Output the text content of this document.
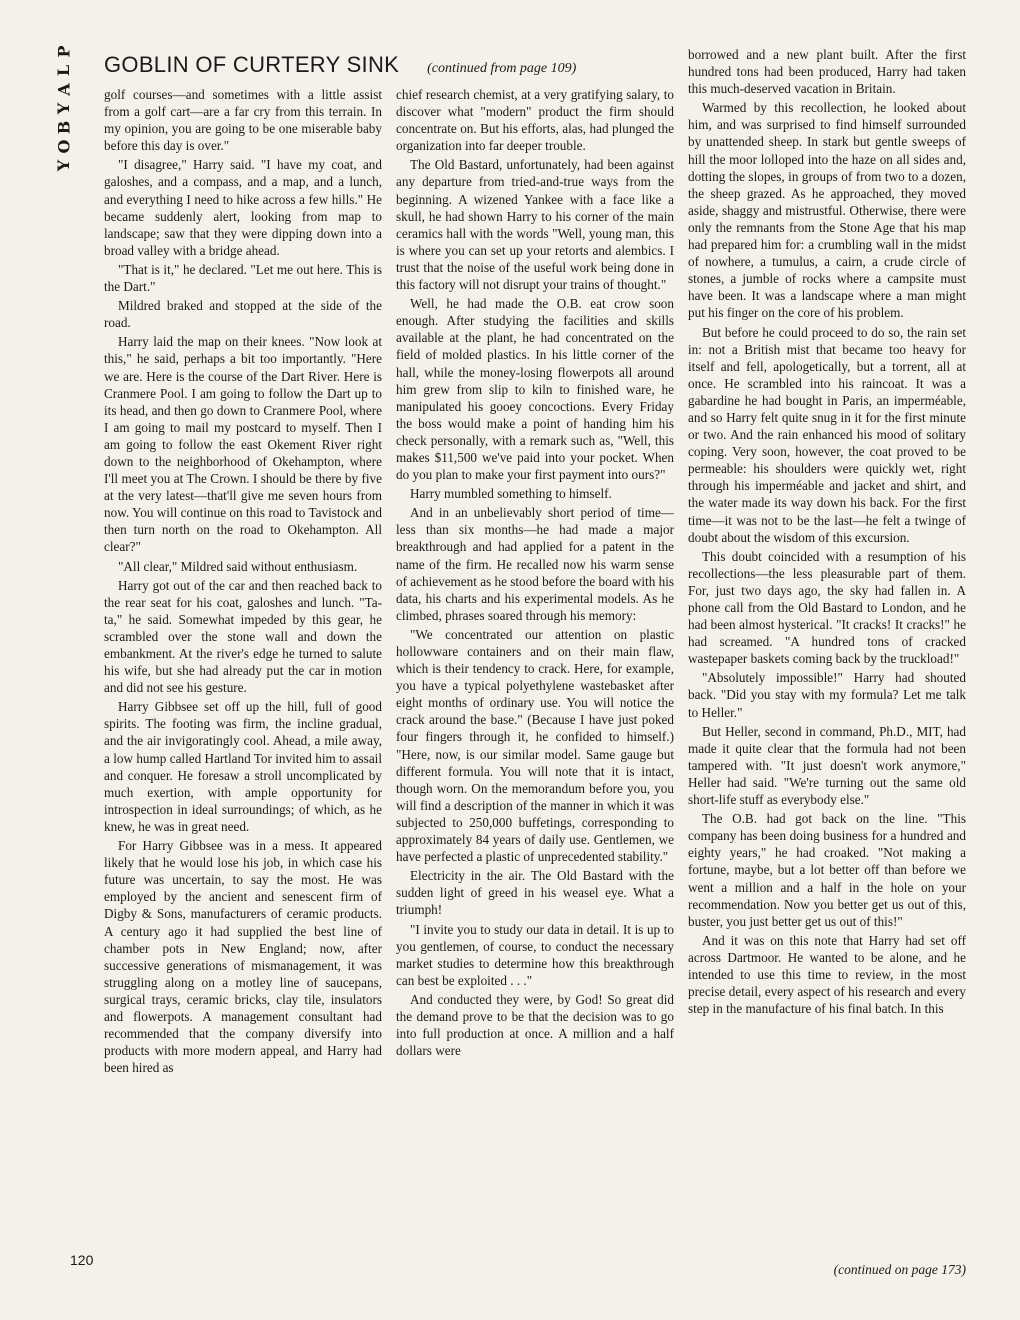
P
L
A
Y
B
O
Y
GOBLIN OF CURTERY SINK (continued from page 109)

golf courses—and sometimes with a little assist from a golf cart—are a far cry from this terrain. In my opinion, you are going to be one miserable baby before this day is over."

"I disagree," Harry said. "I have my coat, and galoshes, and a compass, and a map, and a lunch, and everything I need to hike across a few hills." He became suddenly alert, looking from map to landscape; saw that they were dipping down into a broad valley with a bridge ahead.

"That is it," he declared. "Let me out here. This is the Dart."

Mildred braked and stopped at the side of the road.

Harry laid the map on their knees. "Now look at this," he said, perhaps a bit too importantly. "Here we are. Here is the course of the Dart River. Here is Cranmere Pool. I am going to follow the Dart up to its head, and then go down to Cranmere Pool, where I am going to mail my postcard to myself. Then I am going to follow the east Okement River right down to the neighborhood of Okehampton, where I'll meet you at The Crown. I should be there by five at the very latest—that'll give me seven hours from now. You will continue on this road to Tavistock and then turn north on the road to Okehampton. All clear?"

"All clear," Mildred said without enthusiasm.

Harry got out of the car and then reached back to the rear seat for his coat, galoshes and lunch. "Ta-ta," he said. Somewhat impeded by this gear, he scrambled over the stone wall and down the embankment. At the river's edge he turned to salute his wife, but she had already put the car in motion and did not see his gesture.

Harry Gibbsee set off up the hill, full of good spirits. The footing was firm, the incline gradual, and the air invigoratingly cool. Ahead, a mile away, a low hump called Hartland Tor invited him to assail and conquer. He foresaw a stroll uncomplicated by much exertion, with ample opportunity for introspection in ideal surroundings; of which, as he knew, he was in great need.

For Harry Gibbsee was in a mess. It appeared likely that he would lose his job, in which case his future was uncertain, to say the most. He was employed by the ancient and senescent firm of Digby & Sons, manufacturers of ceramic products. A century ago it had supplied the best line of chamber pots in New England; now, after successive generations of mismanagement, it was struggling along on a motley line of saucepans, surgical trays, ceramic bricks, clay tile, insulators and flowerpots. A management consultant had recommended that the company diversify into products with more modern appeal, and Harry had been hired as

chief research chemist, at a very gratifying salary, to discover what "modern" product the firm should concentrate on. But his efforts, alas, had plunged the organization into far deeper trouble.

The Old Bastard, unfortunately, had been against any departure from tried-and-true ways from the beginning. A wizened Yankee with a face like a skull, he had shown Harry to his corner of the main ceramics hall with the words "Well, young man, this is where you can set up your retorts and alembics. I trust that the noise of the useful work being done in this factory will not disrupt your trains of thought."

Well, he had made the O.B. eat crow soon enough. After studying the facilities and skills available at the plant, he had concentrated on the field of molded plastics. In his little corner of the hall, while the money-losing flowerpots all around him grew from slip to kiln to finished ware, he manipulated his gooey concoctions. Every Friday the boss would make a point of handing him his check personally, with a remark such as, "Well, this makes $11,500 we've paid into your pocket. When do you plan to make your first payment into ours?"

Harry mumbled something to himself.

And in an unbelievably short period of time—less than six months—he had made a major breakthrough and had applied for a patent in the name of the firm. He recalled now his warm sense of achievement as he stood before the board with his data, his charts and his experimental models. As he climbed, phrases soared through his memory:

"We concentrated our attention on plastic hollowware containers and on their main flaw, which is their tendency to crack. Here, for example, you have a typical polyethylene wastebasket after eight months of ordinary use. You will notice the crack around the base." (Because I have just poked four fingers through it, he confided to himself.) "Here, now, is our similar model. Same gauge but different formula. You will note that it is intact, though worn. On the memorandum before you, you will find a description of the manner in which it was subjected to 250,000 buffetings, corresponding to approximately 84 years of daily use. Gentlemen, we have perfected a plastic of unprecedented stability."

Electricity in the air. The Old Bastard with the sudden light of greed in his weasel eye. What a triumph!

"I invite you to study our data in detail. It is up to you gentlemen, of course, to conduct the necessary market studies to determine how this breakthrough can best be exploited . . ."

And conducted they were, by God! So great did the demand prove to be that the decision was to go into full production at once. A million and a half dollars were

borrowed and a new plant built. After the first hundred tons had been produced, Harry had taken this much-deserved vacation in Britain.

Warmed by this recollection, he looked about him, and was surprised to find himself surrounded by unattended sheep. In stark but gentle sweeps of hill the moor lolloped into the haze on all sides and, dotting the slopes, in groups of from two to a dozen, the sheep grazed. As he approached, they moved aside, shaggy and mistrustful. Otherwise, there were only the remnants from the Stone Age that his map had prepared him for: a crumbling wall in the midst of nowhere, a tumulus, a cairn, a crude circle of stones, a jumble of rocks where a campsite must have been. It was a landscape where a man might put his finger on the core of his problem.

But before he could proceed to do so, the rain set in: not a British mist that became too heavy for itself and fell, apologetically, but a torrent, all at once. He scrambled into his raincoat. It was a gabardine he had bought in Paris, an imperméable, and so Harry felt quite snug in it for the first minute or two. And the rain enhanced his mood of solitary coping. Very soon, however, the coat proved to be permeable: his shoulders were quickly wet, right through his imperméable and jacket and shirt, and the water made its way down his back. For the first time—it was not to be the last—he felt a twinge of doubt about the wisdom of this excursion.

This doubt coincided with a resumption of his recollections—the less pleasurable part of them. For, just two days ago, the sky had fallen in. A phone call from the Old Bastard to London, and he had been almost hysterical. "It cracks! It cracks!" he had screamed. "A hundred tons of cracked wastepaper baskets coming back by the truckload!"

"Absolutely impossible!" Harry had shouted back. "Did you stay with my formula? Let me talk to Heller."

But Heller, second in command, Ph.D., MIT, had made it quite clear that the formula had not been tampered with. "It just doesn't work anymore," Heller had said. "We're turning out the same old short-life stuff as everybody else."

The O.B. had got back on the line. "This company has been doing business for a hundred and eighty years," he had croaked. "Not making a fortune, maybe, but a lot better off than before we went a million and a half in the hole on your recommendation. Now you better get us out of this, buster, you just better get us out of this!"

And it was on this note that Harry had set off across Dartmoor. He wanted to be alone, and he intended to use this time to review, in the most precise detail, every aspect of his research and every step in the manufacture of his final batch. In this

120
(continued on page 173)
